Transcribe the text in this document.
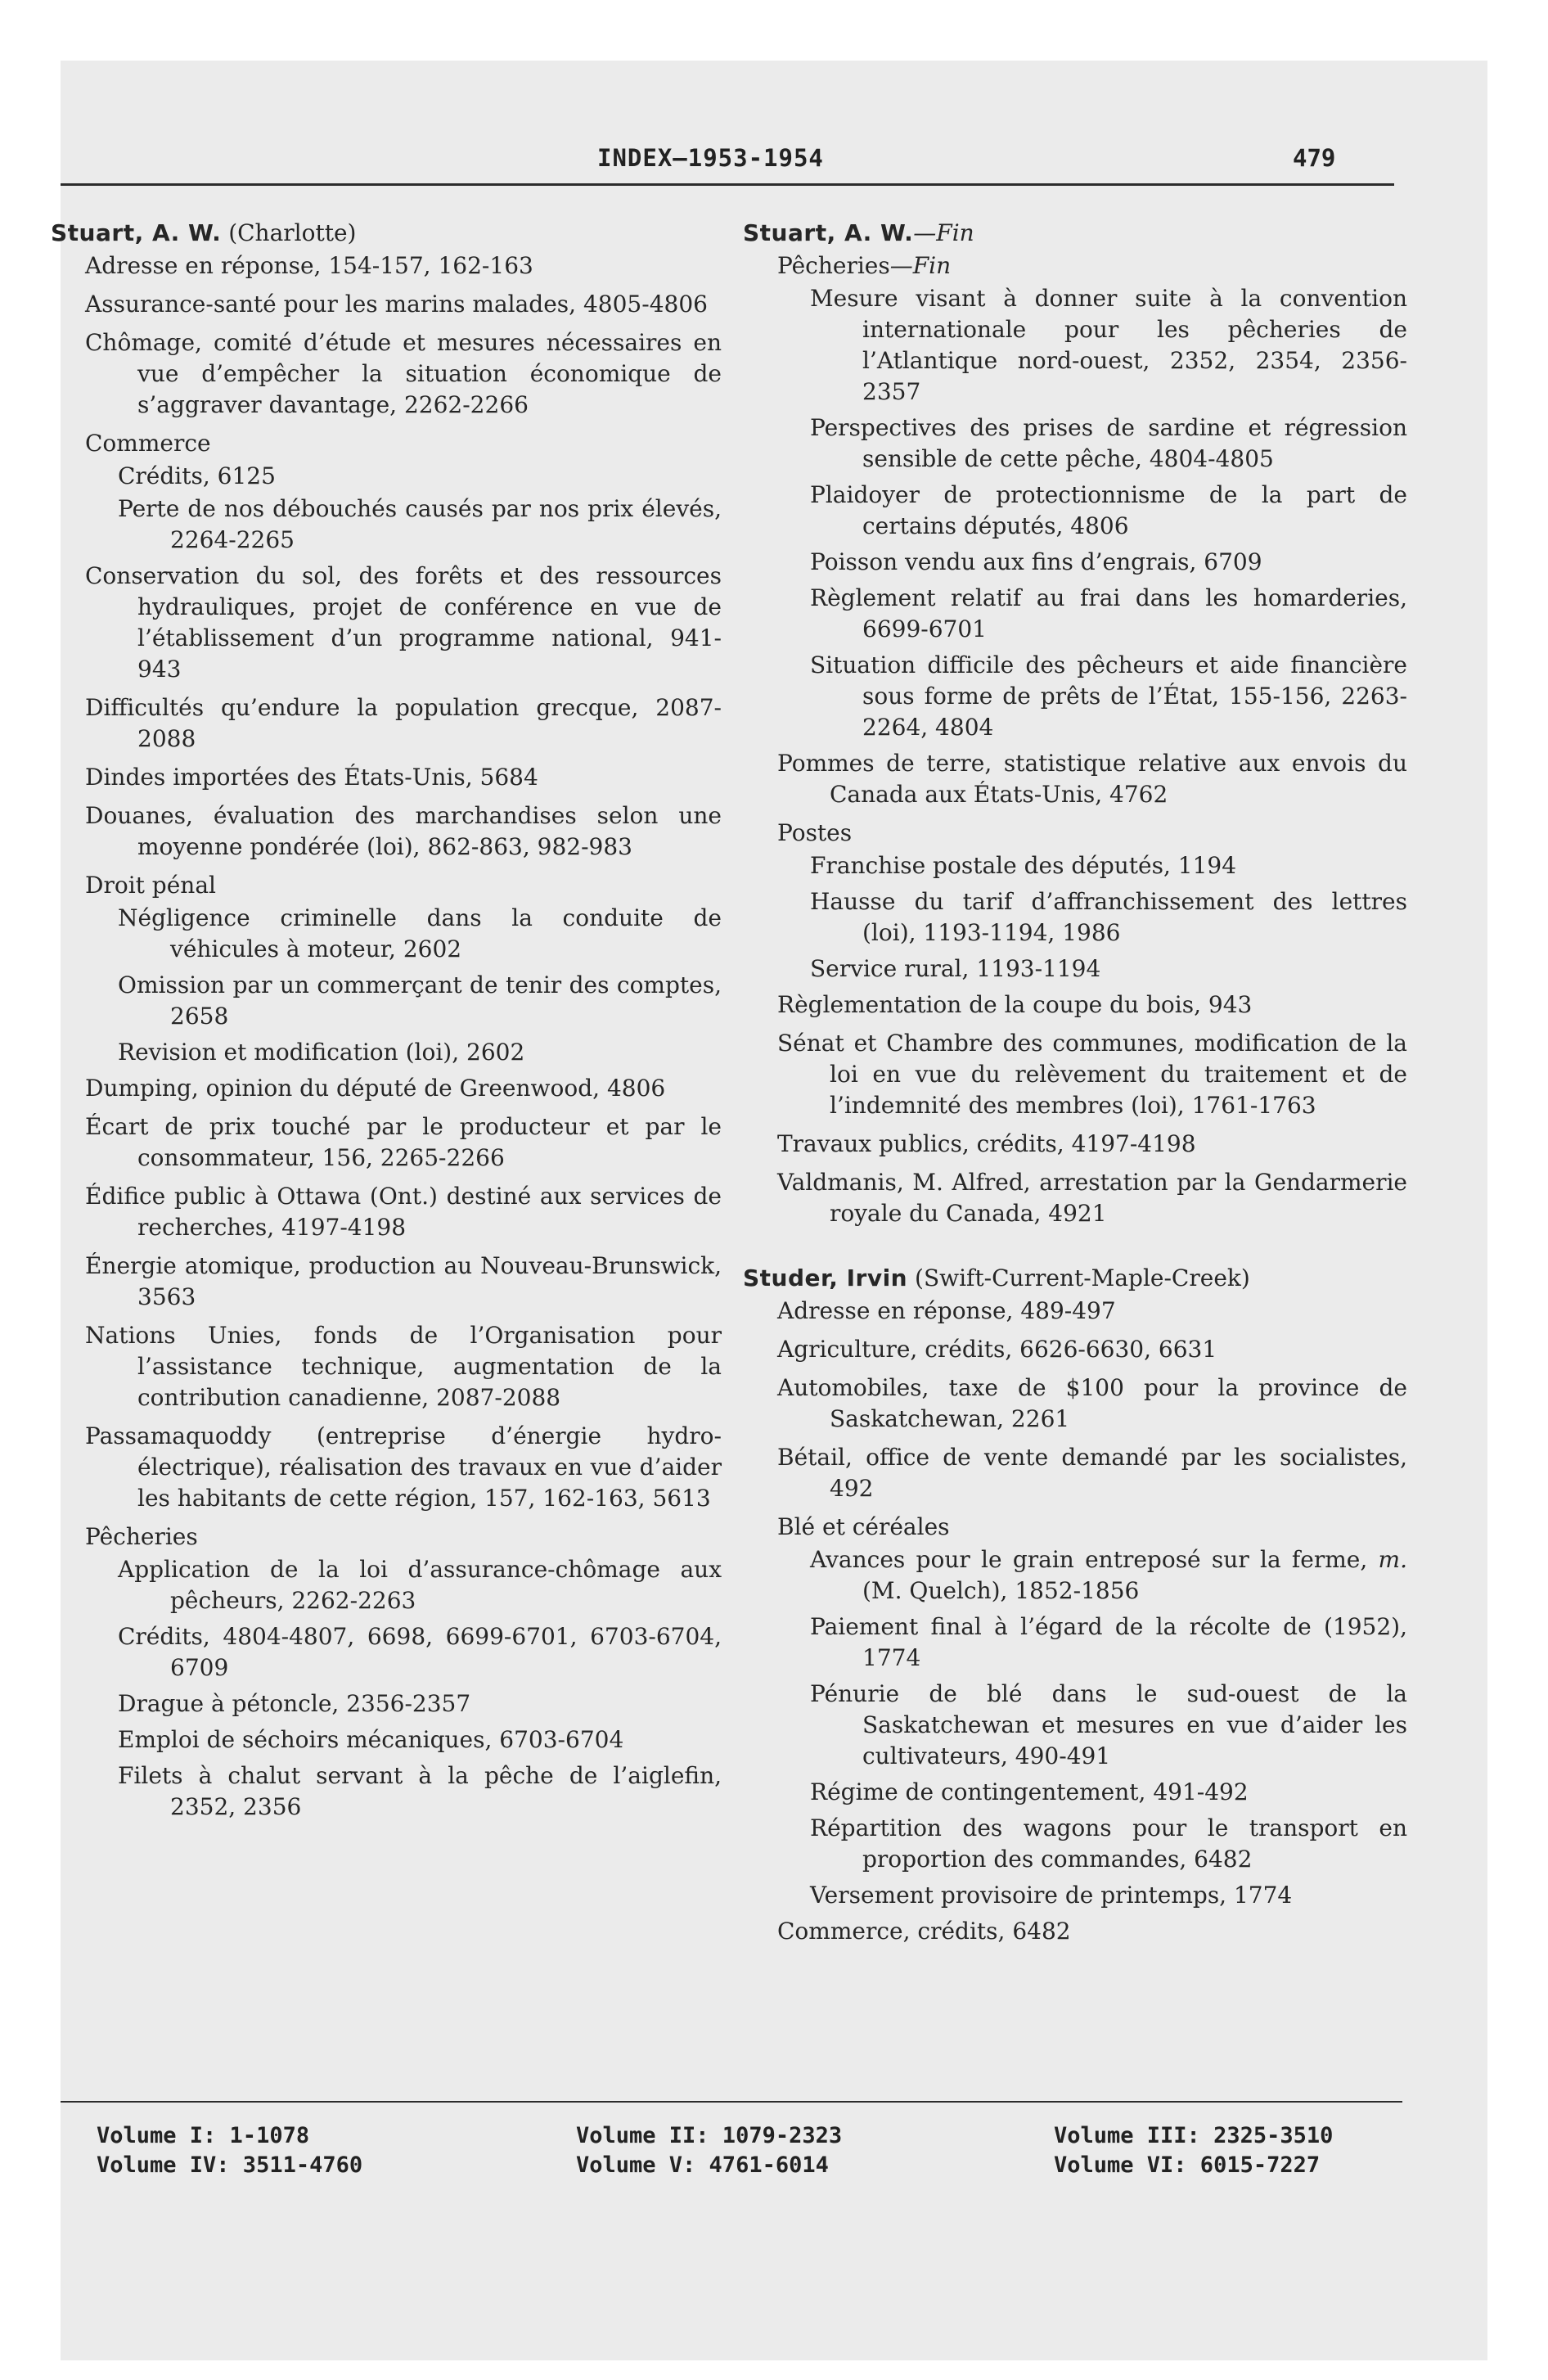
INDEX—1953-1954	479
Stuart, A. W. (Charlotte)
Adresse en réponse, 154-157, 162-163
Assurance-santé pour les marins malades, 4805-4806
Chômage, comité d’étude et mesures nécessaires en vue d’empêcher la situation économique de s’aggraver davantage, 2262-2266
Commerce
Crédits, 6125
Perte de nos débouchés causés par nos prix élevés, 2264-2265
Conservation du sol, des forêts et des ressources hydrauliques, projet de conférence en vue de l’établissement d’un programme national, 941-943
Difficultés qu’endure la population grecque, 2087-2088
Dindes importées des États-Unis, 5684
Douanes, évaluation des marchandises selon une moyenne pondérée (loi), 862-863, 982-983
Droit pénal
Négligence criminelle dans la conduite de véhicules à moteur, 2602
Omission par un commerçant de tenir des comptes, 2658
Revision et modification (loi), 2602
Dumping, opinion du député de Greenwood, 4806
Écart de prix touché par le producteur et par le consommateur, 156, 2265-2266
Édifice public à Ottawa (Ont.) destiné aux services de recherches, 4197-4198
Énergie atomique, production au Nouveau-Brunswick, 3563
Nations Unies, fonds de l’Organisation pour l’assistance technique, augmentation de la contribution canadienne, 2087-2088
Passamaquoddy (entreprise d’énergie hydro-électrique), réalisation des travaux en vue d’aider les habitants de cette région, 157, 162-163, 5613
Pêcheries
Application de la loi d’assurance-chômage aux pêcheurs, 2262-2263
Crédits, 4804-4807, 6698, 6699-6701, 6703-6704, 6709
Drague à pétoncle, 2356-2357
Emploi de séchoirs mécaniques, 6703-6704
Filets à chalut servant à la pêche de l’aiglefin, 2352, 2356
Stuart, A. W.—Fin
Pêcheries—Fin
Mesure visant à donner suite à la convention internationale pour les pêcheries de l’Atlantique nord-ouest, 2352, 2354, 2356-2357
Perspectives des prises de sardine et régression sensible de cette pêche, 4804-4805
Plaidoyer de protectionnisme de la part de certains députés, 4806
Poisson vendu aux fins d’engrais, 6709
Règlement relatif au frai dans les homarderies, 6699-6701
Situation difficile des pêcheurs et aide financière sous forme de prêts de l’État, 155-156, 2263-2264, 4804
Pommes de terre, statistique relative aux envois du Canada aux États-Unis, 4762
Postes
Franchise postale des députés, 1194
Hausse du tarif d’affranchissement des lettres (loi), 1193-1194, 1986
Service rural, 1193-1194
Règlementation de la coupe du bois, 943
Sénat et Chambre des communes, modification de la loi en vue du relèvement du traitement et de l’indemnité des membres (loi), 1761-1763
Travaux publics, crédits, 4197-4198
Valdmanis, M. Alfred, arrestation par la Gendarmerie royale du Canada, 4921
Studer, Irvin (Swift-Current-Maple-Creek)
Adresse en réponse, 489-497
Agriculture, crédits, 6626-6630, 6631
Automobiles, taxe de $100 pour la province de Saskatchewan, 2261
Bétail, office de vente demandé par les socialistes, 492
Blé et céréales
Avances pour le grain entreposé sur la ferme, m. (M. Quelch), 1852-1856
Paiement final à l’égard de la récolte de (1952), 1774
Pénurie de blé dans le sud-ouest de la Saskatchewan et mesures en vue d’aider les cultivateurs, 490-491
Régime de contingentement, 491-492
Répartition des wagons pour le transport en proportion des commandes, 6482
Versement provisoire de printemps, 1774
Commerce, crédits, 6482
Volume I: 1-1078	Volume II: 1079-2323	Volume III: 2325-3510
Volume IV: 3511-4760	Volume V: 4761-6014	Volume VI: 6015-7227
